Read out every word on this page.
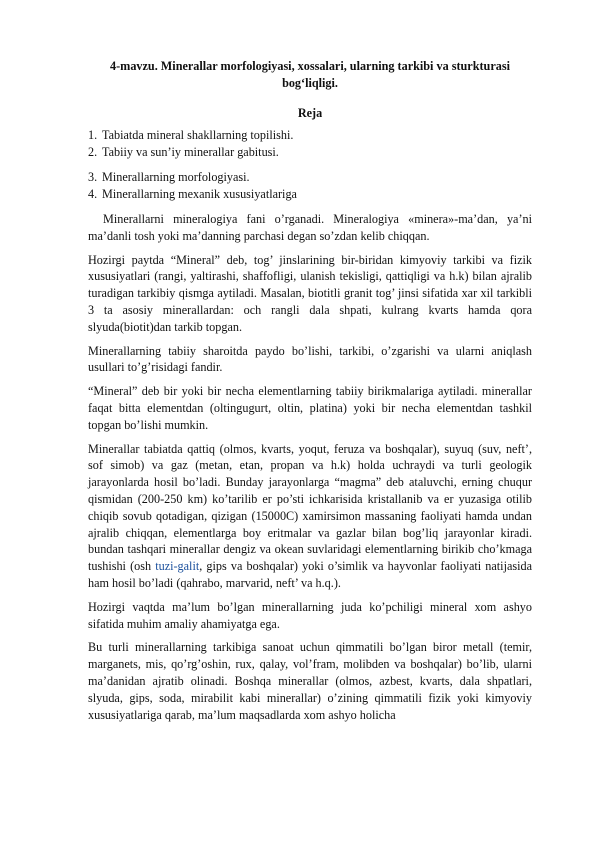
4-mavzu. Minerallar morfologiyasi, xossalari, ularning tarkibi va sturkturasi bog‘liqligi.
Reja
1. Tabiatda mineral shakllarning topilishi.
2. Tabiiy va sun’iy minerallar gabitusi.
3. Minerallarning morfologiyasi.
4. Minerallarning mexanik xususiyatlariga

Minerallarni mineralogiya fani o’rganadi. Mineralogiya «minera»-ma’dan, ya’ni ma’danli tosh yoki ma’danning parchasi degan so’zdan kelib chiqqan.

Hozirgi paytda “Mineral” deb, tog’ jinslarining bir-biridan kimyoviy tarkibi va fizik xususiyatlari (rangi, yaltirashi, shaffofligi, ulanish tekisligi, qattiqligi va h.k) bilan ajralib turadigan tarkibiy qismga aytiladi. Masalan, biotitli granit tog’ jinsi sifatida xar xil tarkibli 3 ta asosiy minerallardan: och rangli dala shpati, kulrang kvarts hamda qora slyuda(biotit)dan tarkib topgan.

Minerallarning tabiiy sharoitda paydo bo’lishi, tarkibi, o’zgarishi va ularni aniqlash usullari to’g’risidagi fandir.

“Mineral” deb bir yoki bir necha elementlarning tabiiy birikmalariga aytiladi. minerallar faqat bitta elementdan (oltingugurt, oltin, platina) yoki bir necha elementdan tashkil topgan bo’lishi mumkin.

Minerallar tabiatda qattiq (olmos, kvarts, yoqut, feruza va boshqalar), suyuq (suv, neft’, sof simob) va gaz (metan, etan, propan va h.k) holda uchraydi va turli geologik jarayonlarda hosil bo’ladi. Bunday jarayonlarga “magma” deb ataluvchi, erning chuqur qismidan (200-250 km) ko’tarilib er po’sti ichkarisida kristallanib va er yuzasiga otilib chiqib sovub qotadigan, qizigan (15000C) xamirsimon massaning faoliyati hamda undan ajralib chiqqan, elementlarga boy eritmalar va gazlar bilan bog’liq jarayonlar kiradi. bundan tashqari minerallar dengiz va okean suvlaridagi elementlarning birikib cho’kmaga tushishi (osh tuzi-galit, gips va boshqalar) yoki o’simlik va hayvonlar faoliyati natijasida ham hosil bo’ladi (qahrabo, marvarid, neft’ va h.q.).

Hozirgi vaqtda ma’lum bo’lgan minerallarning juda ko’pchiligi mineral xom ashyo sifatida muhim amaliy ahamiyatga ega.

Bu turli minerallarning tarkibiga sanoat uchun qimmatili bo’lgan biror metall (temir, marganets, mis, qo’rg’oshin, rux, qalay, vol’fram, molibden va boshqalar) bo’lib, ularni ma’danidan ajratib olinadi. Boshqa minerallar (olmos, azbest, kvarts, dala shpatlari, slyuda, gips, soda, mirabilit kabi minerallar) o’zining qimmatili fizik yoki kimyoviy xususiyatlariga qarab, ma’lum maqsadlarda xom ashyo holicha
